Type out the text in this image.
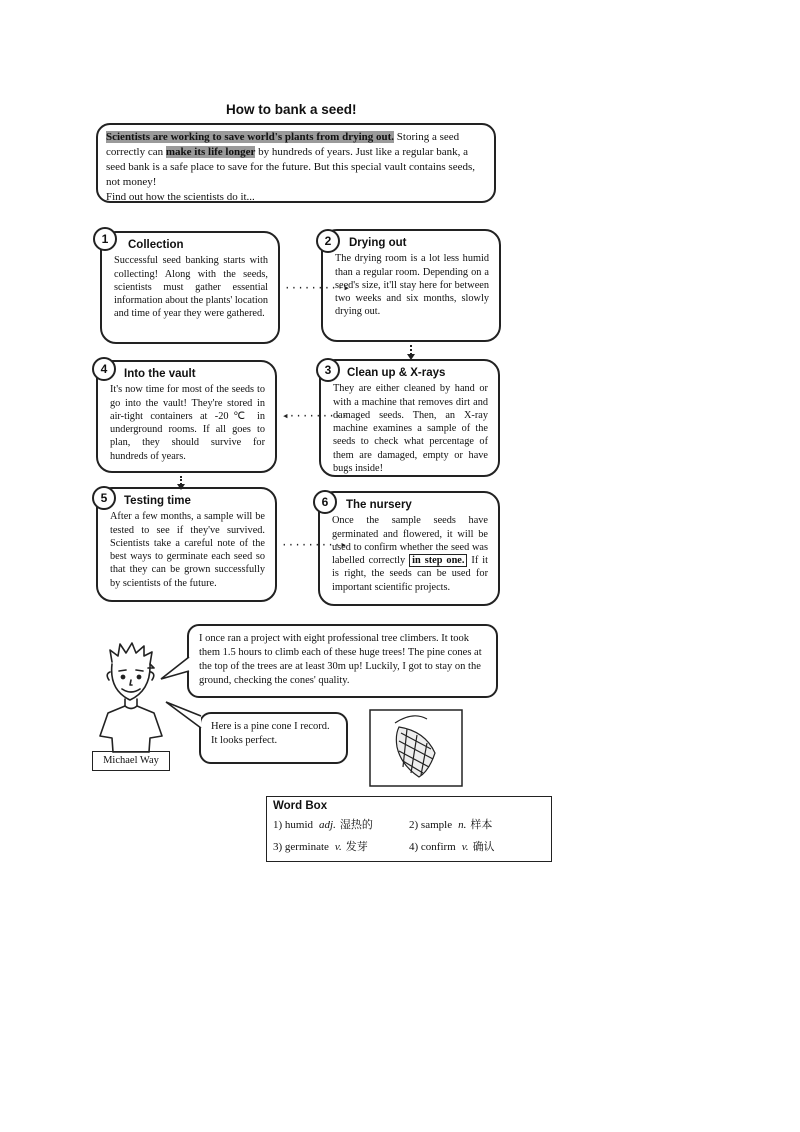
How to bank a seed!
Scientists are working to save world's plants from drying out. Storing a seed correctly can make its life longer by hundreds of years. Just like a regular bank, a seed bank is a safe place to save for the future. But this special vault contains seeds, not money!
Find out how the scientists do it...
Collection
Successful seed banking starts with collecting! Along with the seeds, scientists must gather essential information about the plants' location and time of year they were gathered.
1	Drying out
The drying room is a lot less humid than a regular room. Depending on a seed's size, it'll stay here for between two weeks and six months, slowly drying out.
2
·········▸
Clean up & X-rays
They are either cleaned by hand or with a machine that removes dirt and damaged seeds. Then, an X-ray machine examines a sample of the seeds to check what percentage of them are damaged, empty or have bugs inside!
3
◂·········
Into the vault
It's now time for most of the seeds to go into the vault! They're stored in air-tight containers at -20℃ in underground rooms. If all goes to plan, they should survive for hundreds of years.
4
Testing time
After a few months, a sample will be tested to see if they've survived. Scientists take a careful note of the best ways to germinate each seed so that they can be grown successfully by scientists of the future.
5
·········▸
The nursery
Once the sample seeds have germinated and flowered, it will be used to confirm whether the seed was labelled correctly in step one. If it is right, the seeds can be used for important scientific projects.
6
I once ran a project with eight professional tree climbers. It took them 1.5 hours to climb each of these huge trees! The pine cones at the top of the trees are at least 30m up! Luckily, I got to stay on the ground, checking the cones' quality.
Here is a pine cone I record. It looks perfect.
Michael Way
Word Box
1) humid adj. 湿热的	2) sample n. 样本
3) germinate v. 发芽	4) confirm v. 确认
